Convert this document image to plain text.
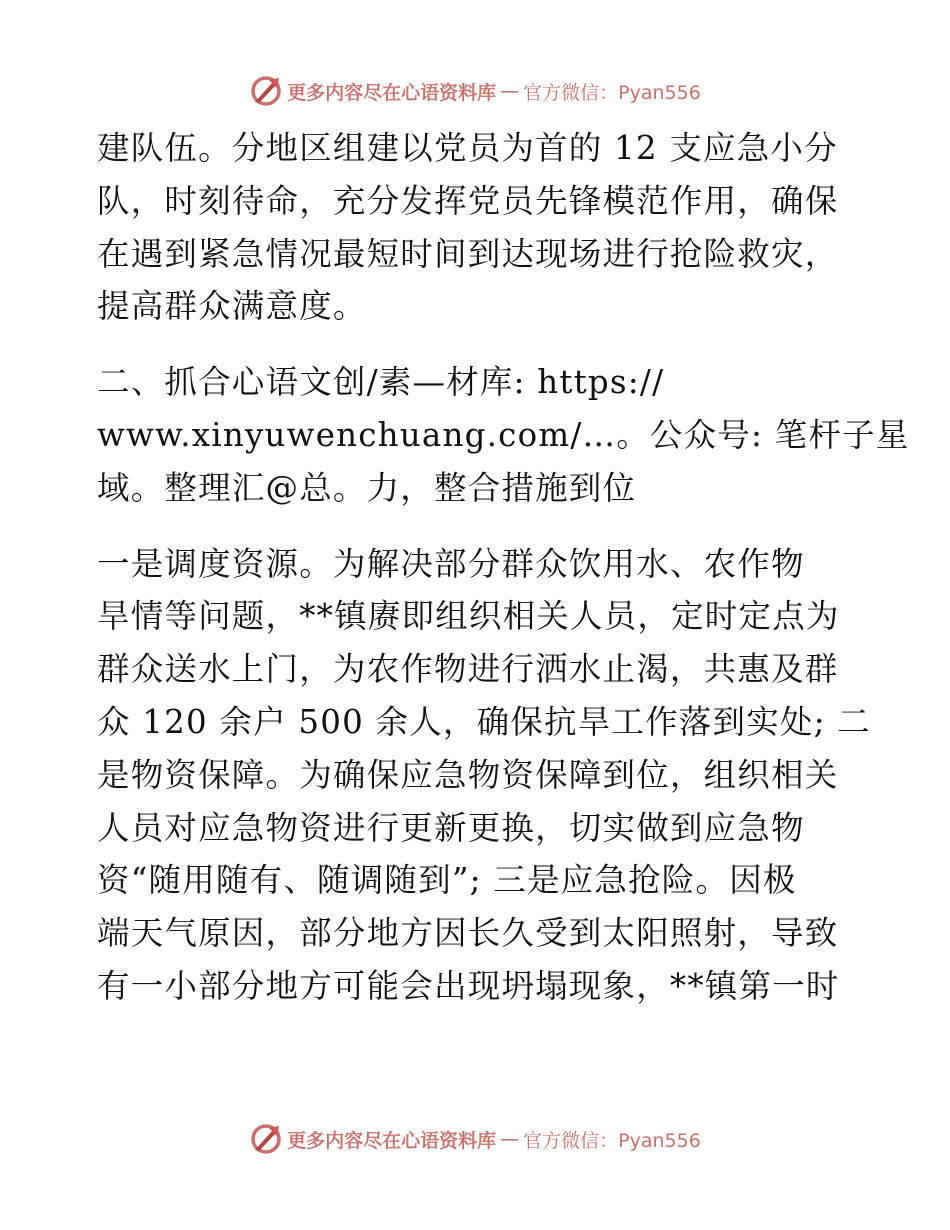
更多内容尽在心语资料库 — 官方微信：Pyan556
建队伍。分地区组建以党员为首的 12 支应急小分
队，时刻待命，充分发挥党员先锋模范作用，确保
在遇到紧急情况最短时间到达现场进行抢险救灾，
提高群众满意度。
二、抓合心语文创/素—材库: https://
www.xinyuwenchuang.com/…。公众号: 笔杆子星
域。整理汇@总。力，整合措施到位
一是调度资源。为解决部分群众饮用水、农作物
旱情等问题，**镇赓即组织相关人员，定时定点为
群众送水上门，为农作物进行洒水止渴，共惠及群
众 120 余户 500 余人，确保抗旱工作落到实处; 二
是物资保障。为确保应急物资保障到位，组织相关
人员对应急物资进行更新更换，切实做到应急物
资“随用随有、随调随到”; 三是应急抢险。因极
端天气原因，部分地方因长久受到太阳照射，导致
有一小部分地方可能会出现坍塌现象，**镇第一时
更多内容尽在心语资料库 — 官方微信：Pyan556
